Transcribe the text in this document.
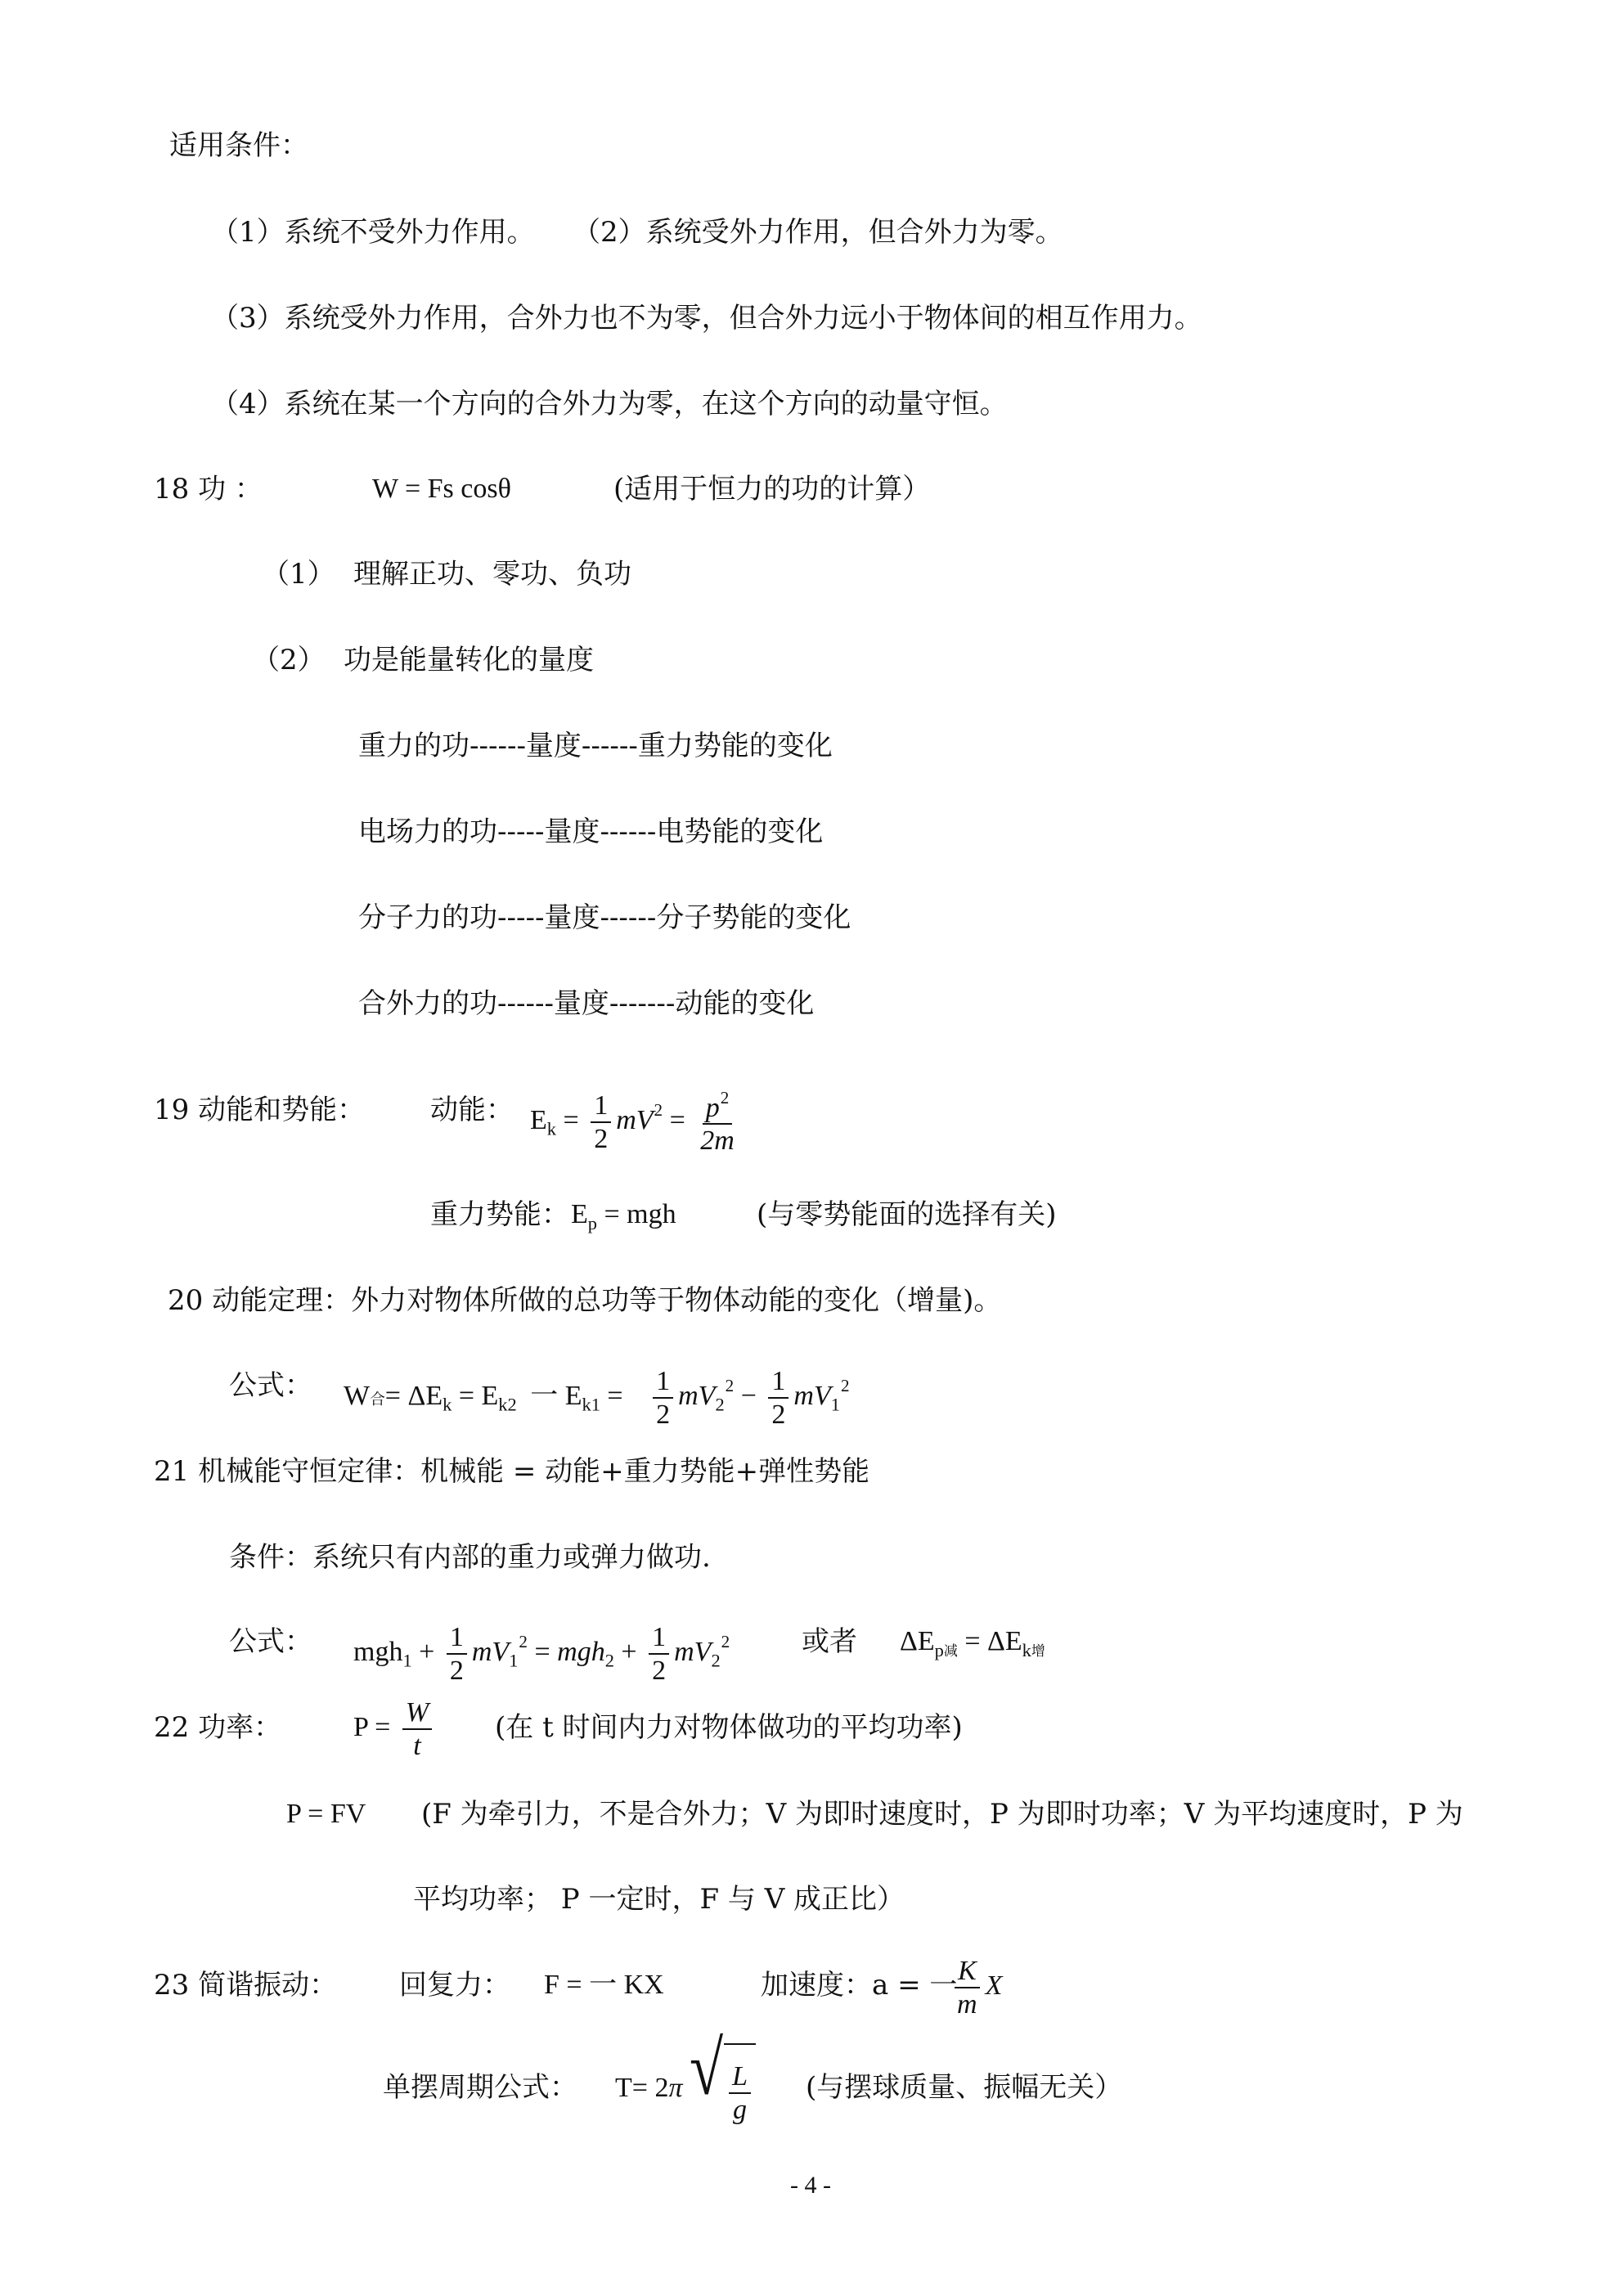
适用条件：
（1）系统不受外力作用。 （2）系统受外力作用，但合外力为零。
（3）系统受外力作用，合外力也不为零，但合外力远小于物体间的相互作用力。
（4）系统在某一个方向的合外力为零，在这个方向的动量守恒。
18 功 ：	W = Fs cosθ	(适用于恒力的功的计算）
（1） 理解正功、零功、负功
（2） 功是能量转化的量度
重力的功------量度------重力势能的变化
电场力的功-----量度------电势能的变化
分子力的功-----量度------分子势能的变化
合外力的功------量度-------动能的变化
19 动能和势能： 动能： $E_k = \frac{1}{2} mV^2 = \frac{p^2}{2m}$
重力势能： $E_p$ = mgh	(与零势能面的选择有关)
20 动能定理：外力对物体所做的总功等于物体动能的变化（增量)。
公式： W合= $\Delta E_k = E_{k2}$ 一 $E_{k1} = \frac{1}{2} mV_2^2 - \frac{1}{2} mV_1^2$
21 机械能守恒定律：机械能 = 动能+重力势能+弹性势能
条件：系统只有内部的重力或弹力做功.
公式： $mgh_1 + \frac{1}{2} mV_1^2 = mgh_2 + \frac{1}{2} mV_2^2$	或者 $\Delta E_p$减 = $\Delta E_k$增
22 功率：	$P = \frac{W}{t}$ (在 t 时间内力对物体做功的平均功率)
P = FV (F 为牵引力，不是合外力；V 为即时速度时，P 为即时功率；V 为平均速度时，P 为
平均功率； P 一定时，F 与 V 成正比）
23 简谐振动： 回复力： F = 一 KX	加速度：a = 一
$\frac{K}{m}$ X
单摆周期公式： T= 2π √ $\frac{L}{g}$ (与摆球质量、振幅无关）
- 4 -
